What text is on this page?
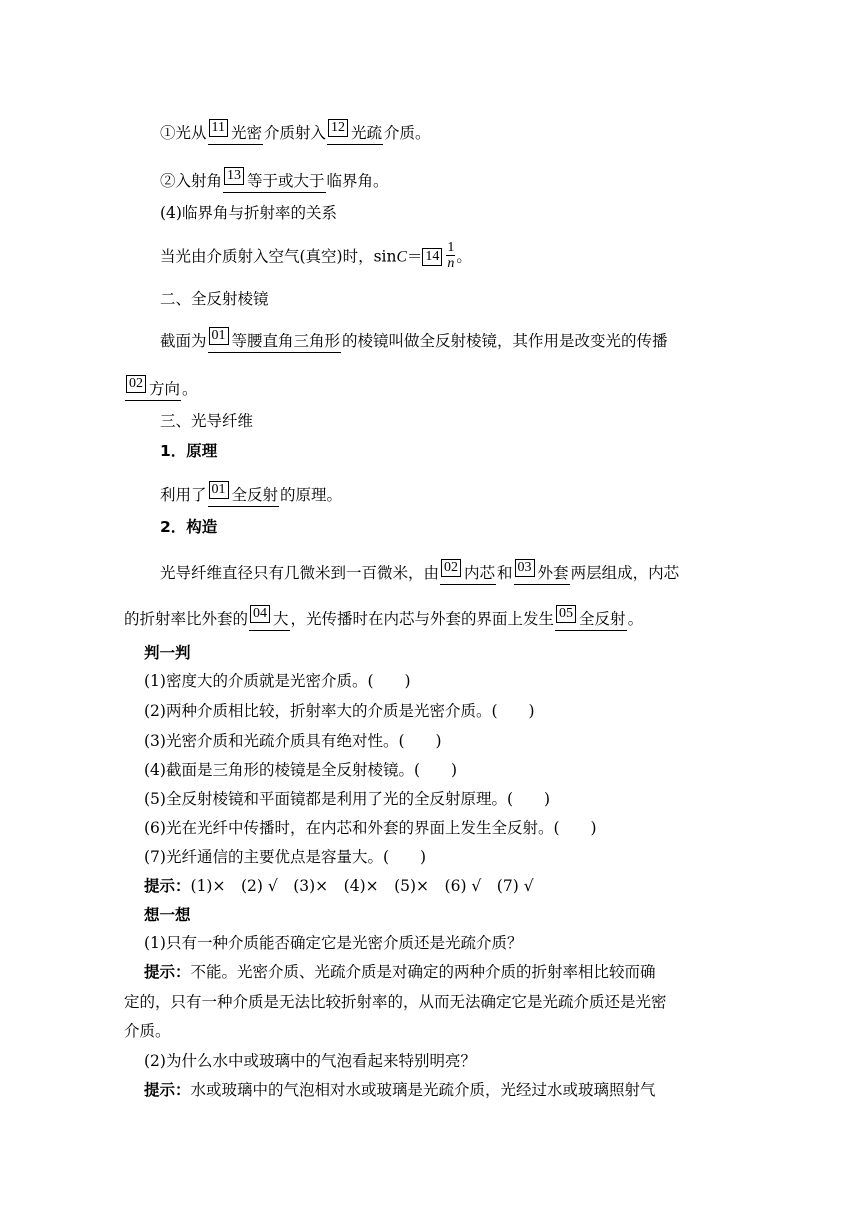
①光从 11 光密 介质射入 12 光疏 介质。
②入射角 13 等于或大于 临界角。
(4)临界角与折射率的关系
当光由介质射入空气(真空)时，$\sin C= 14 \frac{1}{n}$ 。
二、全反射棱镜
截面为 01 等腰直角三角形 的棱镜叫做全反射棱镜，其作用是改变光的传播
02 方向 。
三、光导纤维
1．原理
利用了 01 全反射 的原理。
2．构造
光导纤维直径只有几微米到一百微米，由 02 内芯 和 03 外套 两层组成，内芯
的折射率比外套的 04 大 ，光传播时在内芯与外套的界面上发生 05 全反射 。
判一判
(1)密度大的介质就是光密介质。(　　)
(2)两种介质相比较，折射率大的介质是光密介质。(　　)
(3)光密介质和光疏介质具有绝对性。(　　)
(4)截面是三角形的棱镜是全反射棱镜。(　　)
(5)全反射棱镜和平面镜都是利用了光的全反射原理。(　　)
(6)光在光纤中传播时，在内芯和外套的界面上发生全反射。(　　)
(7)光纤通信的主要优点是容量大。(　　)
提示：(1)×　(2) √　(3)×　(4)×　(5)×　(6) √　(7) √
想一想
(1)只有一种介质能否确定它是光密介质还是光疏介质？
提示：不能。光密介质、光疏介质是对确定的两种介质的折射率相比较而确
定的，只有一种介质是无法比较折射率的，从而无法确定它是光疏介质还是光密
介质。
(2)为什么水中或玻璃中的气泡看起来特别明亮？
提示：水或玻璃中的气泡相对水或玻璃是光疏介质，光经过水或玻璃照射气
